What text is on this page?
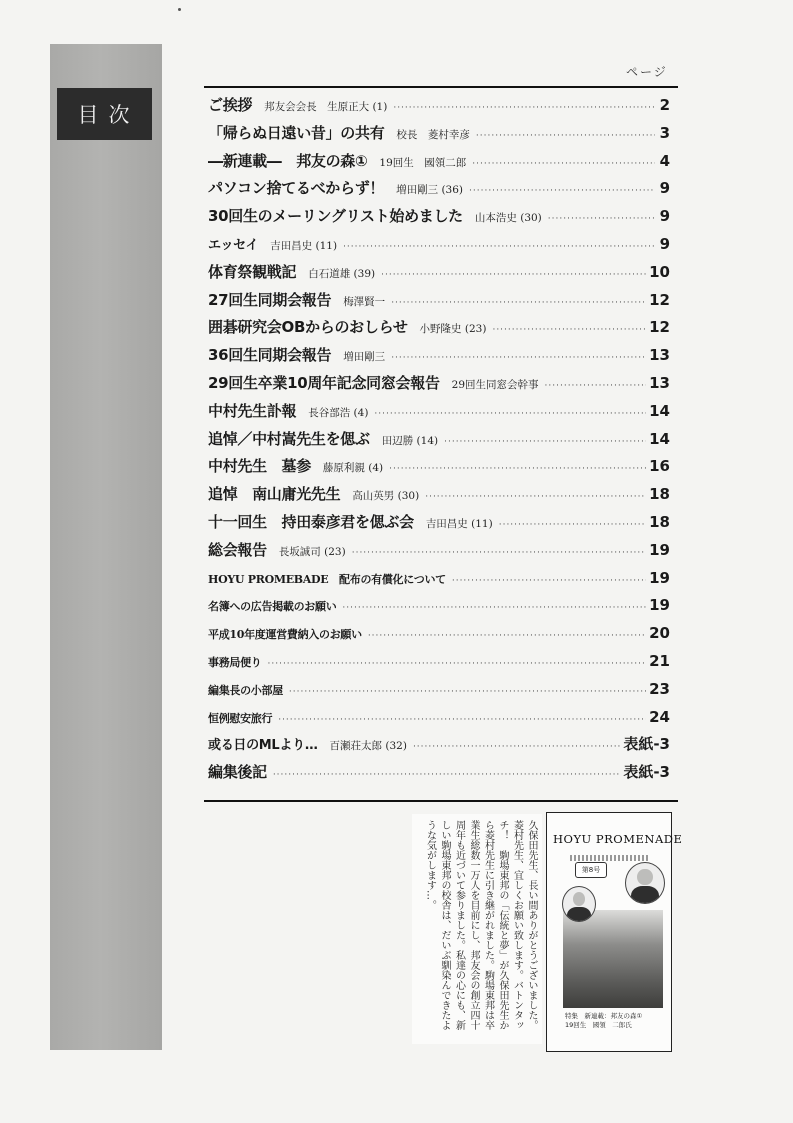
目次
ページ
ご挨拶 邦友会会長　生原正大 (1) ·····	2
「帰らぬ日遠い昔」の共有 校長　菱村幸彦 ·····	3
―新連載―　邦友の森① 19回生　國領二郎 ·····	4
パソコン捨てるべからず！ 増田剛三 (36) ·····	9
30回生のメーリングリスト始めました 山本浩史 (30) ·····	9
エッセイ 吉田昌史 (11) ·····	9
体育祭観戦記 白石道雄 (39) ·····	10
27回生同期会報告 梅澤賢一 ·····	12
囲碁研究会OBからのおしらせ 小野隆史 (23) ·····	12
36回生同期会報告 増田剛三 ·····	13
29回生卒業10周年記念同窓会報告 29回生同窓会幹事 ·····	13
中村先生訃報 長谷部浩 (4) ·····	14
追悼／中村嵩先生を偲ぶ 田辺勝 (14) ·····	14
中村先生　墓参 藤原利親 (4) ·····	16
追悼　南山庸光先生 高山英男 (30) ·····	18
十一回生　持田泰彦君を偲ぶ会 吉田昌史 (11) ·····	18
総会報告 長坂誠司 (23) ·····	19
HOYU PROMEBADE　配布の有償化について ·····	19
名簿への広告掲載のお願い ·····	19
平成10年度運営費納入のお願い ·····	20
事務局便り ·····	21
編集長の小部屋 ·····	23
恒例慰安旅行 ·····	24
或る日のMLより… 百瀬荘太郎 (32) ·····	表紙-3
編集後記 ·····	表紙-3
久保田先生、長い間ありがとうございました。菱村先生、宜しくお願い致します。バトンタッチ！　駒場東邦の「伝統と夢」が久保田先生から菱村先生に引き継がれました。駒場東邦は卒業生総数一万人を目前にし、邦友会の創立四十周年も近づいて参りました。私達の心にも、新しい駒場東邦の校舎は、だいぶ馴染んできたような気がします…。	HOYU PROMENADE
第8号
特集　新連載：邦友の森①
19回生　國領　二郎氏
